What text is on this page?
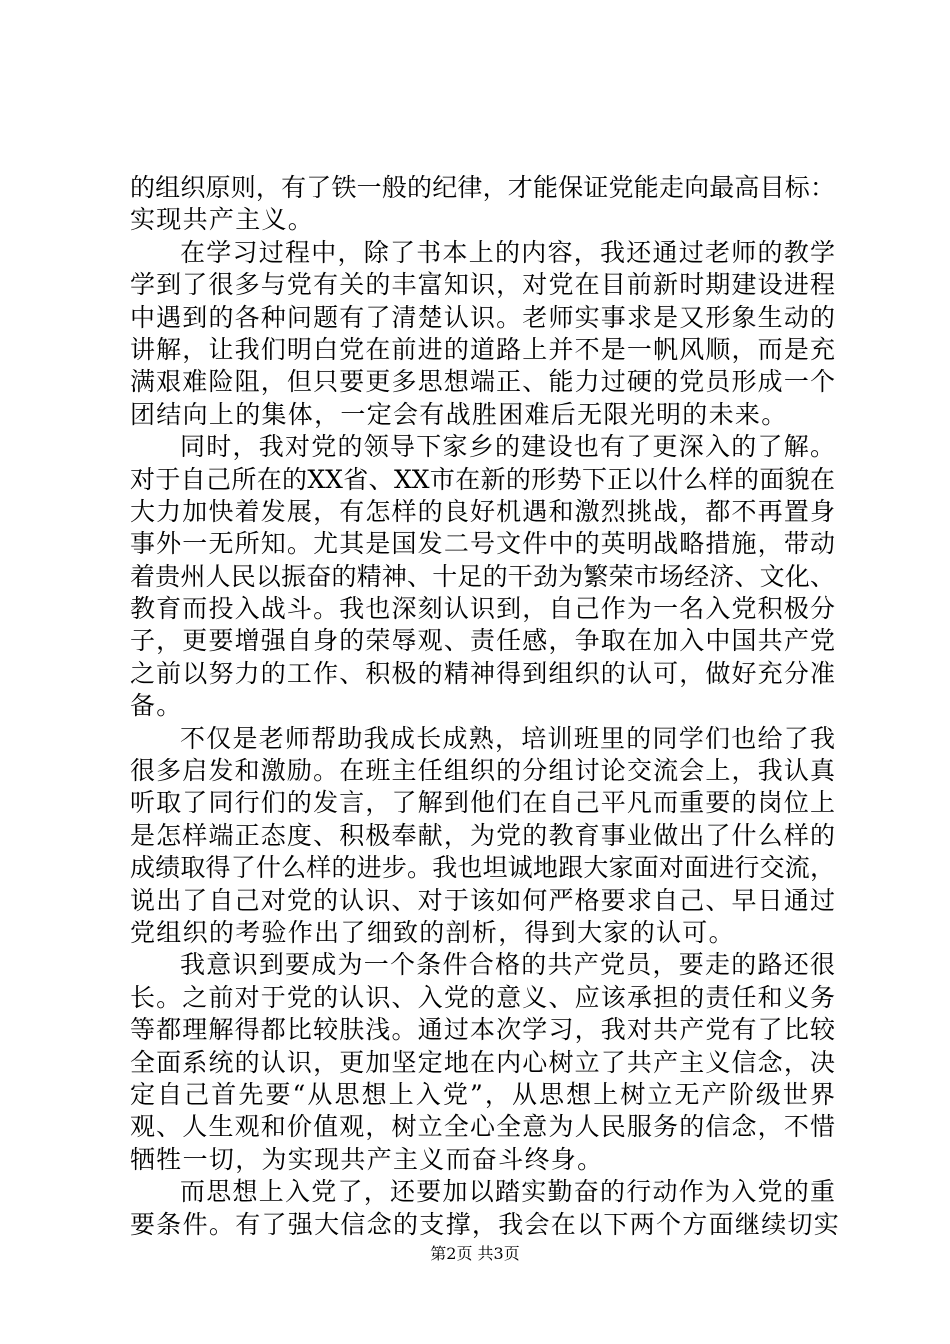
的组织原则，有了铁一般的纪律，才能保证党能走向最高目标：
实现共产主义。
在学习过程中，除了书本上的内容，我还通过老师的教学
学到了很多与党有关的丰富知识，对党在目前新时期建设进程
中遇到的各种问题有了清楚认识。老师实事求是又形象生动的
讲解，让我们明白党在前进的道路上并不是一帆风顺，而是充
满艰难险阻，但只要更多思想端正、能力过硬的党员形成一个
团结向上的集体，一定会有战胜困难后无限光明的未来。
同时，我对党的领导下家乡的建设也有了更深入的了解。
对于自己所在的XX省、XX市在新的形势下正以什么样的面貌在
大力加快着发展，有怎样的良好机遇和激烈挑战，都不再置身
事外一无所知。尤其是国发二号文件中的英明战略措施，带动
着贵州人民以振奋的精神、十足的干劲为繁荣市场经济、文化、
教育而投入战斗。我也深刻认识到，自己作为一名入党积极分
子，更要增强自身的荣辱观、责任感，争取在加入中国共产党
之前以努力的工作、积极的精神得到组织的认可，做好充分准
备。
不仅是老师帮助我成长成熟，培训班里的同学们也给了我
很多启发和激励。在班主任组织的分组讨论交流会上，我认真
听取了同行们的发言，了解到他们在自己平凡而重要的岗位上
是怎样端正态度、积极奉献，为党的教育事业做出了什么样的
成绩取得了什么样的进步。我也坦诚地跟大家面对面进行交流，
说出了自己对党的认识、对于该如何严格要求自己、早日通过
党组织的考验作出了细致的剖析，得到大家的认可。
我意识到要成为一个条件合格的共产党员，要走的路还很
长。之前对于党的认识、入党的意义、应该承担的责任和义务
等都理解得都比较肤浅。通过本次学习，我对共产党有了比较
全面系统的认识，更加坚定地在内心树立了共产主义信念，决
定自己首先要“从思想上入党”，从思想上树立无产阶级世界
观、人生观和价值观，树立全心全意为人民服务的信念，不惜
牺牲一切，为实现共产主义而奋斗终身。
而思想上入党了，还要加以踏实勤奋的行动作为入党的重
要条件。有了强大信念的支撑，我会在以下两个方面继续切实
第2页 共3页
